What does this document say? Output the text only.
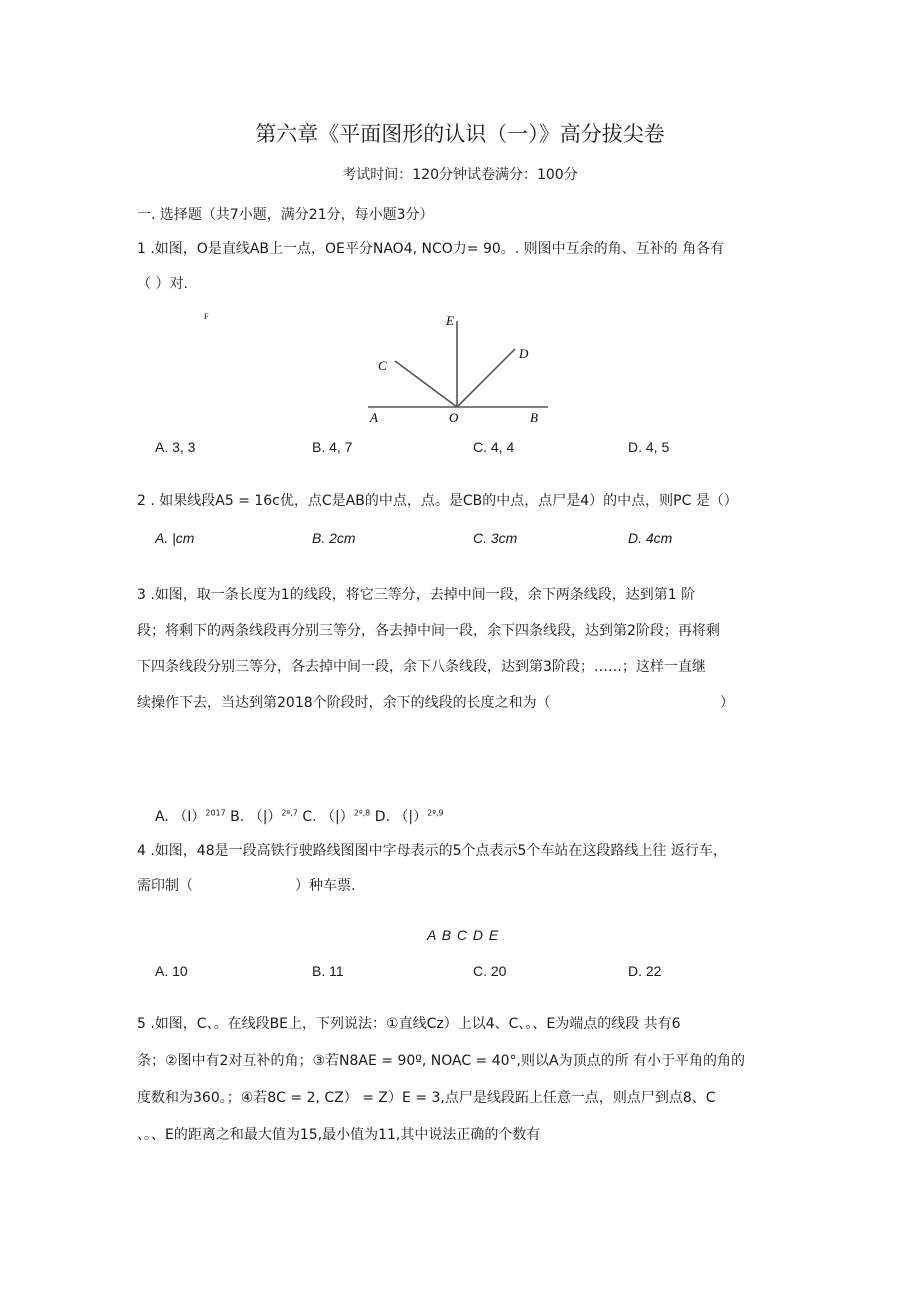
第六章《平面图形的认识（一）》高分拔尖卷
考试时间：120分钟试卷满分：100分
一. 选择题（共7小题，满分21分，每小题3分）
1 .如图，O是直线AB上一点，OE平分NAO4, NCO力= 90。. 则图中互余的角、互补的 角各有
（ ）对.
F	E
C
D
A	O	B
A. 3, 3	B. 4, 7	C. 4, 4	D. 4, 5
2 . 如果线段A5 = 16c优，点C是AB的中点，点。是CB的中点，点尸是4）的中点，则PC 是（）
A. |cm	B. 2cm	C. 3cm	D. 4cm
3 .如图，取一条长度为1的线段，将它三等分，去掉中间一段，余下两条线段，达到第1 阶
段；将剩下的两条线段再分别三等分，各去掉中间一段，余下四条线段，达到第2阶段；再将剩
下四条线段分别三等分，各去掉中间一段，余下八条线段，达到第3阶段；……；这样一直继
续操作下去，当达到第2018个阶段时，余下的线段的长度之和为（	）
A. $(I)^{2017}$ B. （|）$^{2º,7}$ C. （|）$^{2º,8}$ D. （|）$^{2º,9}$
4 .如图，48是一段高铁行驶路线图图中字母表示的5个点表示5个车站在这段路线上往 返行车，
需印制（	）种车票.
A B C D E
A. 10	B. 11	C. 20	D. 22
5 .如图，C、。在线段BE上，下列说法：①直线Cz）上以4、C、。、E为端点的线段 共有6
条；②图中有2对互补的角；③若N8AE = 90º, NOAC = 40°,则以A为顶点的所 有小于平角的角的
度数和为360。；④若8C = 2, CZ） = Z）E = 3,点尸是线段跖上任意一点，则点尸到点8、C
、。、E的距离之和最大值为15,最小值为11,其中说法正确的个数有
